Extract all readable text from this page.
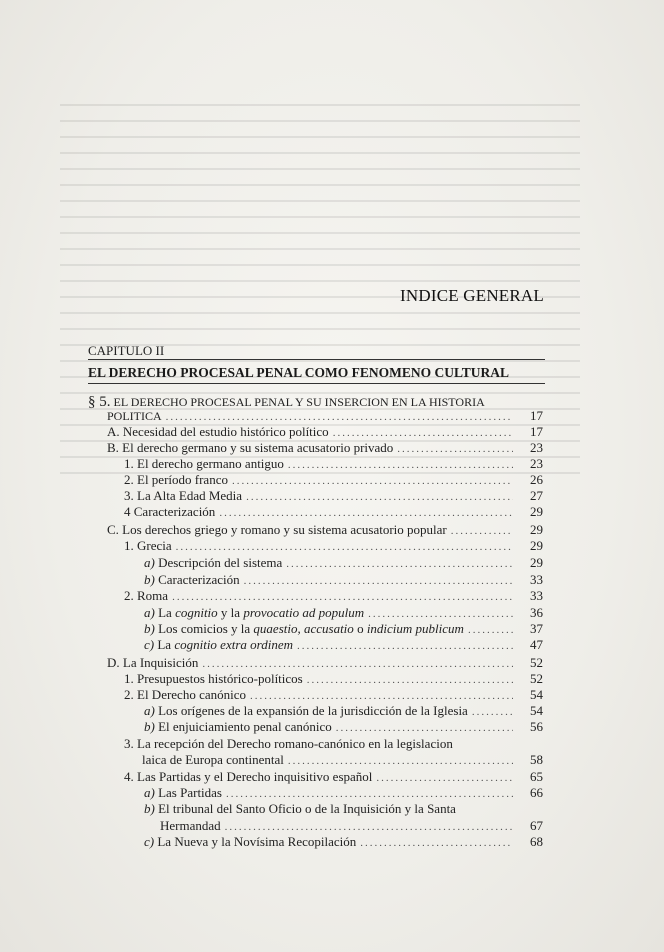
INDICE GENERAL
CAPITULO II
EL DERECHO PROCESAL PENAL COMO FENOMENO CULTURAL
§ 5. EL DERECHO PROCESAL PENAL Y SU INSERCION EN LA HISTORIA
POLITICA .....	17
A. Necesidad del estudio histórico político .....	17
B. El derecho germano y su sistema acusatorio privado .....	23
1. El derecho germano antiguo .....	23
2. El período franco .....	26
3. La Alta Edad Media .....	27
4 Caracterización .....	29
C. Los derechos griego y romano y su sistema acusatorio popular .....	29
1. Grecia .....	29
a) Descripción del sistema .....	29
b) Caracterización .....	33
2. Roma .....	33
a) La cognitio y la provocatio ad populum .....	36
b) Los comicios y la quaestio, accusatio o indicium publicum .....	37
c) La cognitio extra ordinem .....	47
D. La Inquisición .....	52
1. Presupuestos histórico-políticos .....	52
2. El Derecho canónico .....	54
a) Los orígenes de la expansión de la jurisdicción de la Iglesia .....	54
b) El enjuiciamiento penal canónico .....	56
3. La recepción del Derecho romano-canónico en la legislacion
laica de Europa continental .....	58
4. Las Partidas y el Derecho inquisitivo español .....	65
a) Las Partidas .....	66
b) El tribunal del Santo Oficio o de la Inquisición y la Santa
Hermandad .....	67
c) La Nueva y la Novísima Recopilación .....	68
